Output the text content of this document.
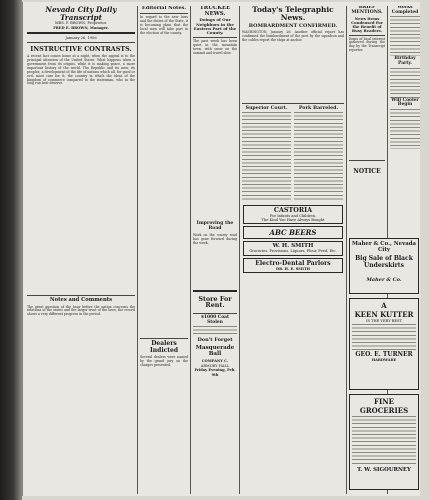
Nevada City Daily Transcript
MRS. F. BROWN, Proprietor.
FRED E. BROWN, Manager.
January 26, 1906
INSTRUCTIVE CONTRASTS.
A recent fact comes home at a night, when the appeal is to the principal attention of the United States. What happens when a government from its origins, while it is making peace, a more important history of the world. The Republic and its men; its peoples; a development of the life of nations which all, for good or evil, must care for it; the country in which the ideas of the kingdom of commerce compared to the statesman, who in the long run best deserve.
Notes and Comments
The great question of the hour before the nation concerns the relations of the states and the larger trust of the laws; the record shows a very different progress in the period.
Editorial Notes.
In regard to the new laws and the duties of the State, it is becoming plain that the local men will take part in the election of the county.
Dealers Indicted
Several dealers were named by the grand jury on the charges presented.
TRUCKEE NEWS.
Doings of Our Neighbors in the Eastern Part of the County.
The past week has been quiet in the mountain town, with snow on the summit and travel slow.
Improving the Road
Work on the county road has gone forward during the week.
Store For Rent.
$1000 Coat Stolen
Don't Forget
Masquerade Ball
COMPANY C.
ARMORY HALL
Friday Evening, Feb. 9th
Today's Telegraphic News.
BOMBARDMENT CONFIRMED.
WASHINGTON, January 26. Another official report has confirmed the bombardment of the port by the squadron and the cables report the ships at anchor.
Superior Court.	Pork Barreled.
CASTORIA
For Infants and Children.
The Kind You Have Always Bought
ABC BEERS
W. H. SMITH
Groceries, Provisions, Liquors, Flour, Feed, Etc.
Electro-Dental Parlors
DR. H. E. SMITH
BRIEF MENTIONS.
News Items Condensed For the Benefit of Busy Readers.
Items of local interest gathered during the day by the Transcript reporter.
NOTICE
Works Completed
Birthday Party.
Will Cooler Begin
Maher & Co., Nevada City
Big Sale of Black Underskirts
Maher & Co.
A
KEEN KUTTER
IS THE VERY BEST
GEO. E. TURNER
HARDWARE
FINE GROCERIES
T. W. SIGOURNEY
